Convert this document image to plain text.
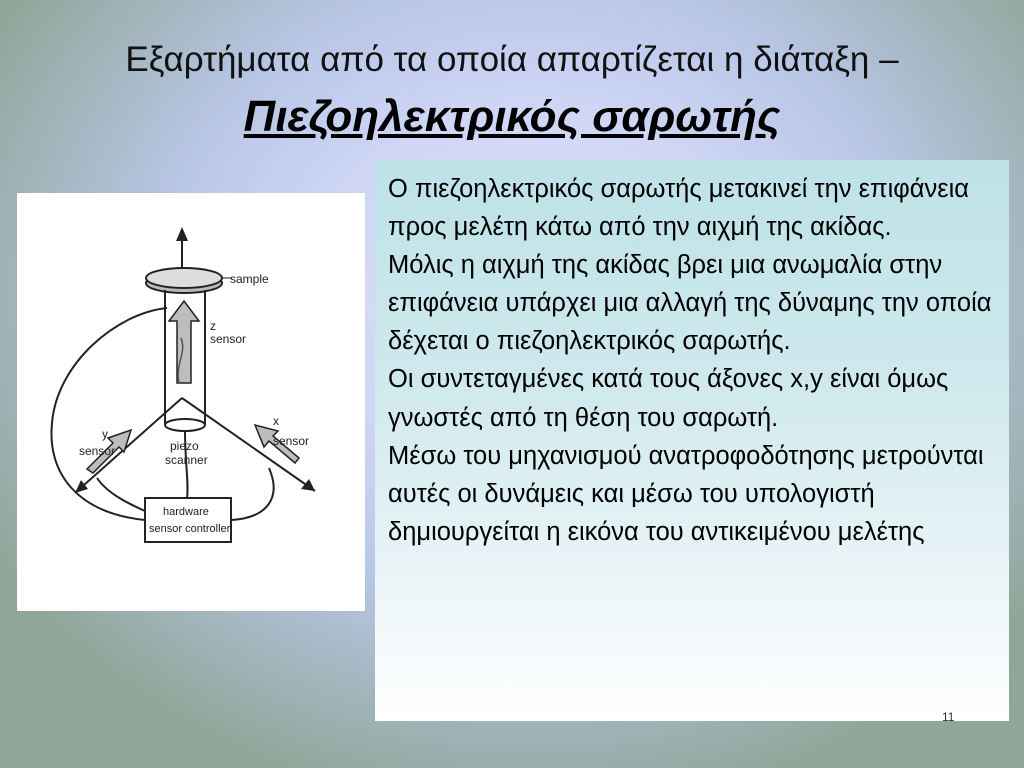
Εξαρτήματα από τα οποία απαρτίζεται η διάταξη –
Πιεζοηλεκτρικός σαρωτής
sample
z
sensor
piezo
scanner
x
sensor
y
sensor
hardware
sensor controller

Ο πιεζοηλεκτρικός σαρωτής μετακινεί την επιφάνεια προς μελέτη κάτω από την αιχμή της ακίδας.

Μόλις η αιχμή της ακίδας βρει μια ανωμαλία στην επιφάνεια υπάρχει μια αλλαγή της δύναμης την οποία δέχεται ο πιεζοηλεκτρικός σαρωτής.

Οι συντεταγμένες κατά τους άξονες x,y είναι όμως γνωστές από τη θέση του σαρωτή.

Μέσω του μηχανισμού ανατροφοδότησης μετρούνται αυτές οι δυνάμεις και μέσω του υπολογιστή δημιουργείται η εικόνα του αντικειμένου μελέτης

11
